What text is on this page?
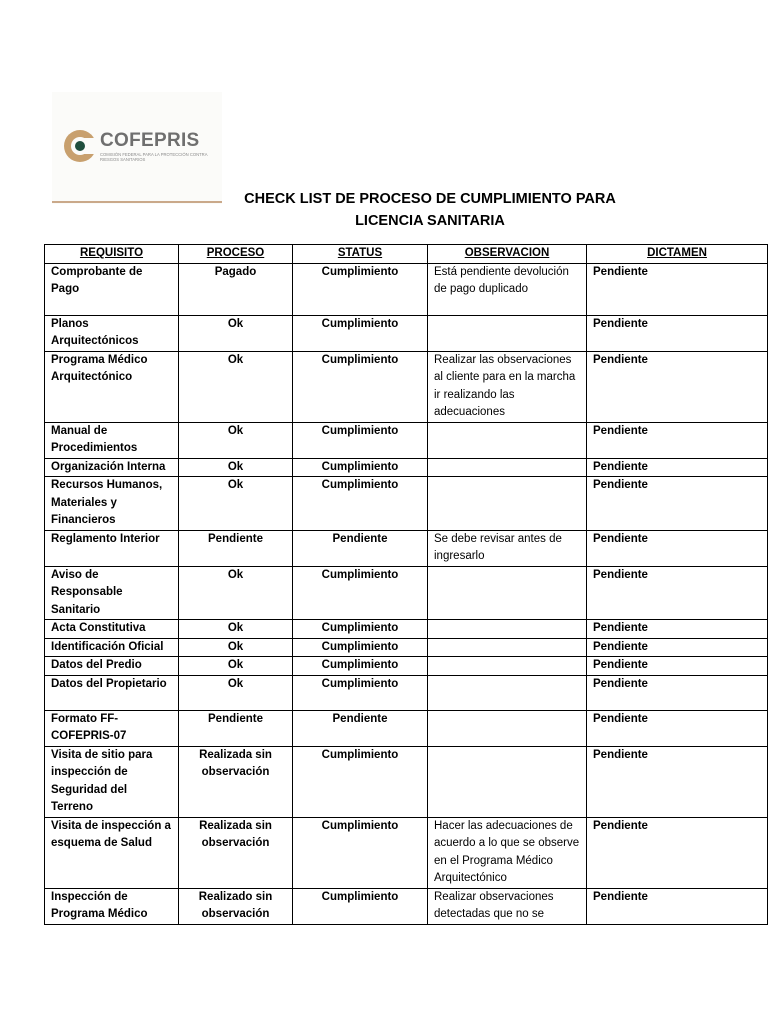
COFEPRIS
COMISIÓN FEDERAL PARA LA PROTECCIÓN CONTRA RIESGOS SANITARIOS
CHECK LIST DE PROCESO DE CUMPLIMIENTO PARA
LICENCIA SANITARIA
REQUISITO	PROCESO	STATUS	OBSERVACION	DICTAMEN
Comprobante de Pago	Pagado	Cumplimiento	Está pendiente devolución de pago duplicado	Pendiente
Planos Arquitectónicos	Ok	Cumplimiento		Pendiente
Programa Médico Arquitectónico	Ok	Cumplimiento	Realizar las observaciones al cliente para en la marcha ir realizando las adecuaciones	Pendiente
Manual de Procedimientos	Ok	Cumplimiento		Pendiente
Organización Interna	Ok	Cumplimiento		Pendiente
Recursos Humanos, Materiales y Financieros	Ok	Cumplimiento		Pendiente
Reglamento Interior	Pendiente	Pendiente	Se debe revisar antes de ingresarlo	Pendiente
Aviso de Responsable Sanitario	Ok	Cumplimiento		Pendiente
Acta Constitutiva	Ok	Cumplimiento		Pendiente
Identificación Oficial	Ok	Cumplimiento		Pendiente
Datos del Predio	Ok	Cumplimiento		Pendiente
Datos del Propietario	Ok	Cumplimiento		Pendiente
Formato FF-COFEPRIS-07	Pendiente	Pendiente		Pendiente
Visita de sitio para inspección de Seguridad del Terreno	Realizada sin observación	Cumplimiento		Pendiente
Visita de inspección a esquema de Salud	Realizada sin observación	Cumplimiento	Hacer las adecuaciones de acuerdo a lo que se observe en el Programa Médico Arquitectónico	Pendiente
Inspección de Programa Médico	Realizado sin observación	Cumplimiento	Realizar observaciones detectadas que no se	Pendiente
